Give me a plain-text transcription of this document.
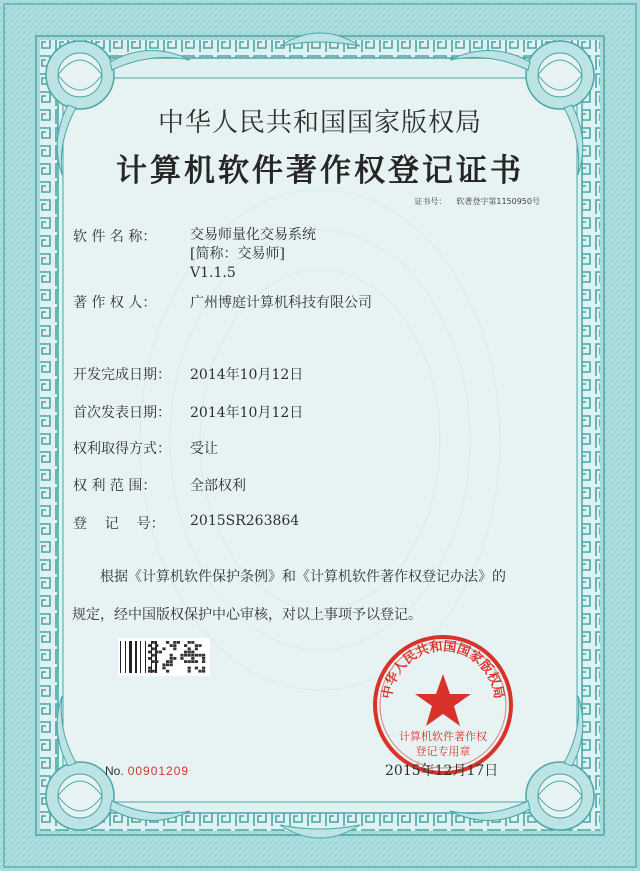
中华人民共和国国家版权局
计算机软件著作权登记证书
证书号： 软著登字第1150950号
软 件 名 称： 交易师量化交易系统
[简称：交易师]
V1.1.5
著 作 权 人： 广州博庭计算机科技有限公司
开发完成日期： 2014年10月12日
首次发表日期： 2014年10月12日
权利取得方式： 受让
权 利 范 围： 全部权利
登    记    号： 2015SR263864
根据《计算机软件保护条例》和《计算机软件著作权登记办法》的
规定，经中国版权保护中心审核，对以上事项予以登记。
No. 00901209
中华人民共和国国家版权局
计算机软件著作权
登记专用章
2015年12月17日
